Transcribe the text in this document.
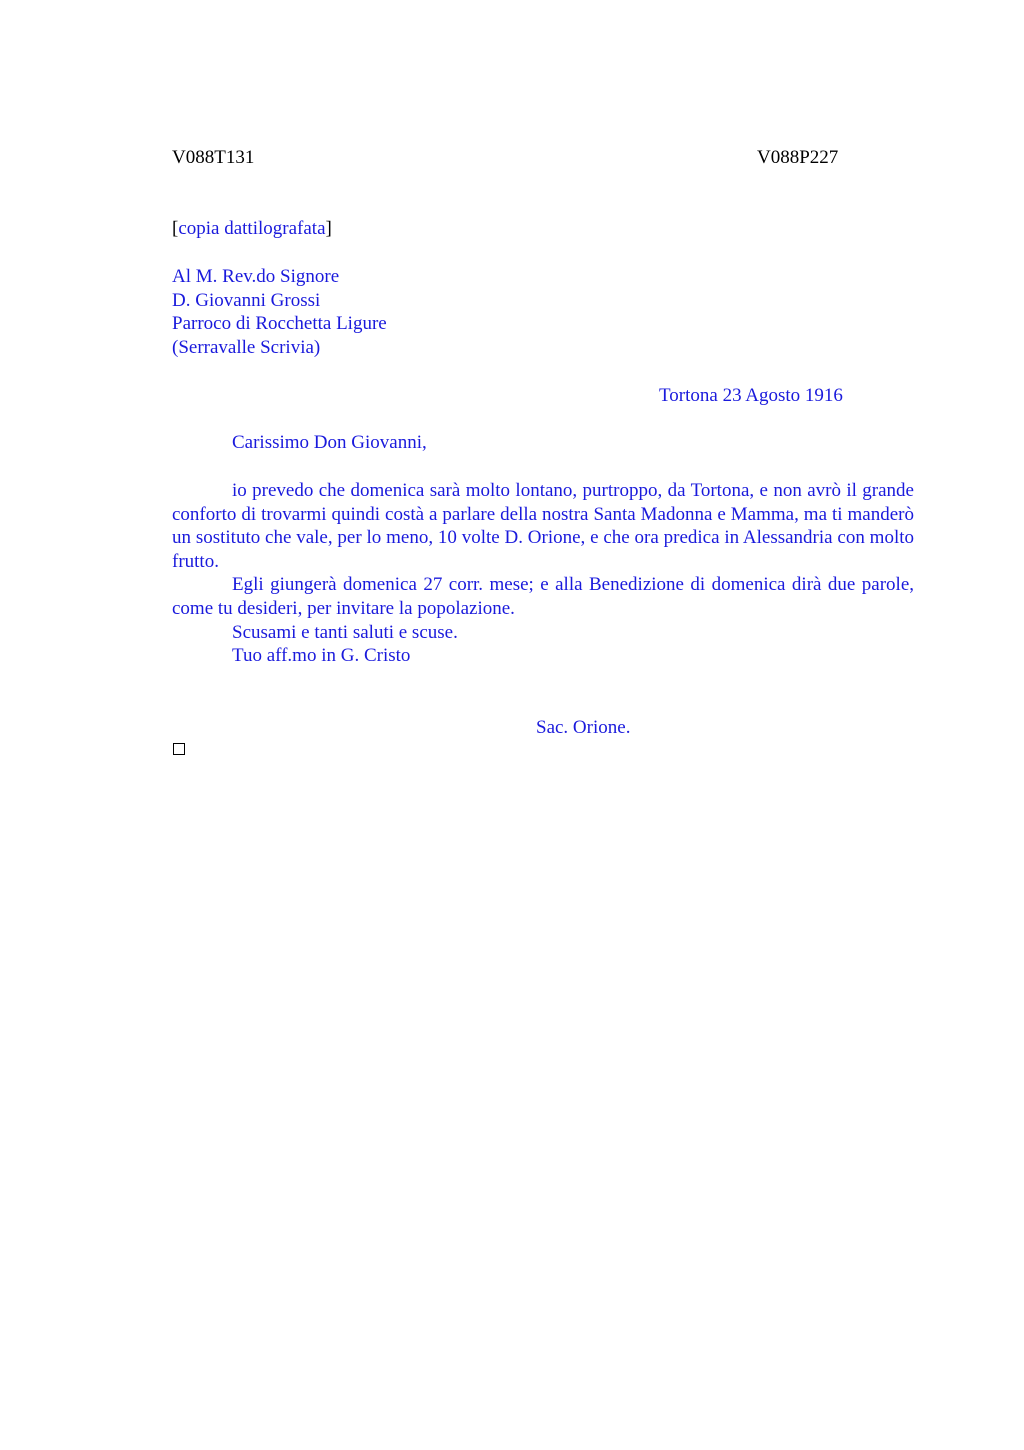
V088T131	V088P227
[copia dattilografata]
Al M. Rev.do Signore
D. Giovanni Grossi
Parroco di Rocchetta Ligure
(Serravalle Scrivia)
Tortona 23 Agosto 1916
Carissimo Don Giovanni,

io prevedo che domenica sarà molto lontano, purtroppo, da Tortona, e non avrò il grande conforto di trovarmi quindi costà a parlare della nostra Santa Madonna e Mamma, ma ti manderò un sostituto che vale, per lo meno, 10 volte D. Orione, e che ora predica in Alessandria con molto frutto.

Egli giungerà domenica 27 corr. mese; e alla Benedizione di domenica dirà due parole, come tu desideri, per invitare la popolazione.

Scusami e tanti saluti e scuse.

Tuo aff.mo in G. Cristo

Sac. Orione.
